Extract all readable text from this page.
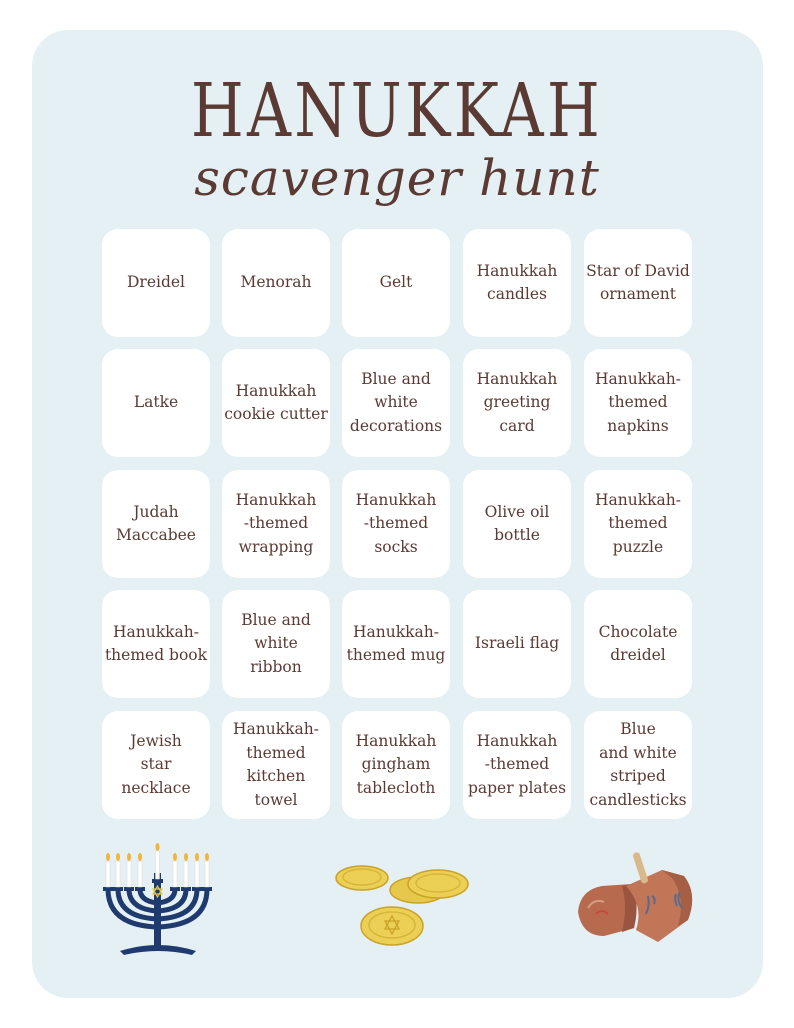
HANUKKAH
scavenger hunt
Dreidel	Menorah	Gelt
Hanukkah
candles
Star of David
ornament
Latke
Hanukkah
cookie cutter
Blue and white
decorations
Hanukkah
greeting card
Hanukkah-
themed
napkins
Judah
Maccabee
Hanukkah
-themed
wrapping
Hanukkah
-themed
socks
Olive oil
bottle
Hanukkah-
themed
puzzle
Hanukkah-
themed book
Blue and
white
ribbon
Hanukkah-
themed mug
Israeli flag
Chocolate
dreidel
Jewish
star necklace
Hanukkah-
themed
kitchen towel
Hanukkah
gingham
tablecloth
Hanukkah
-themed
paper plates
Blue
and white
striped
candlesticks
